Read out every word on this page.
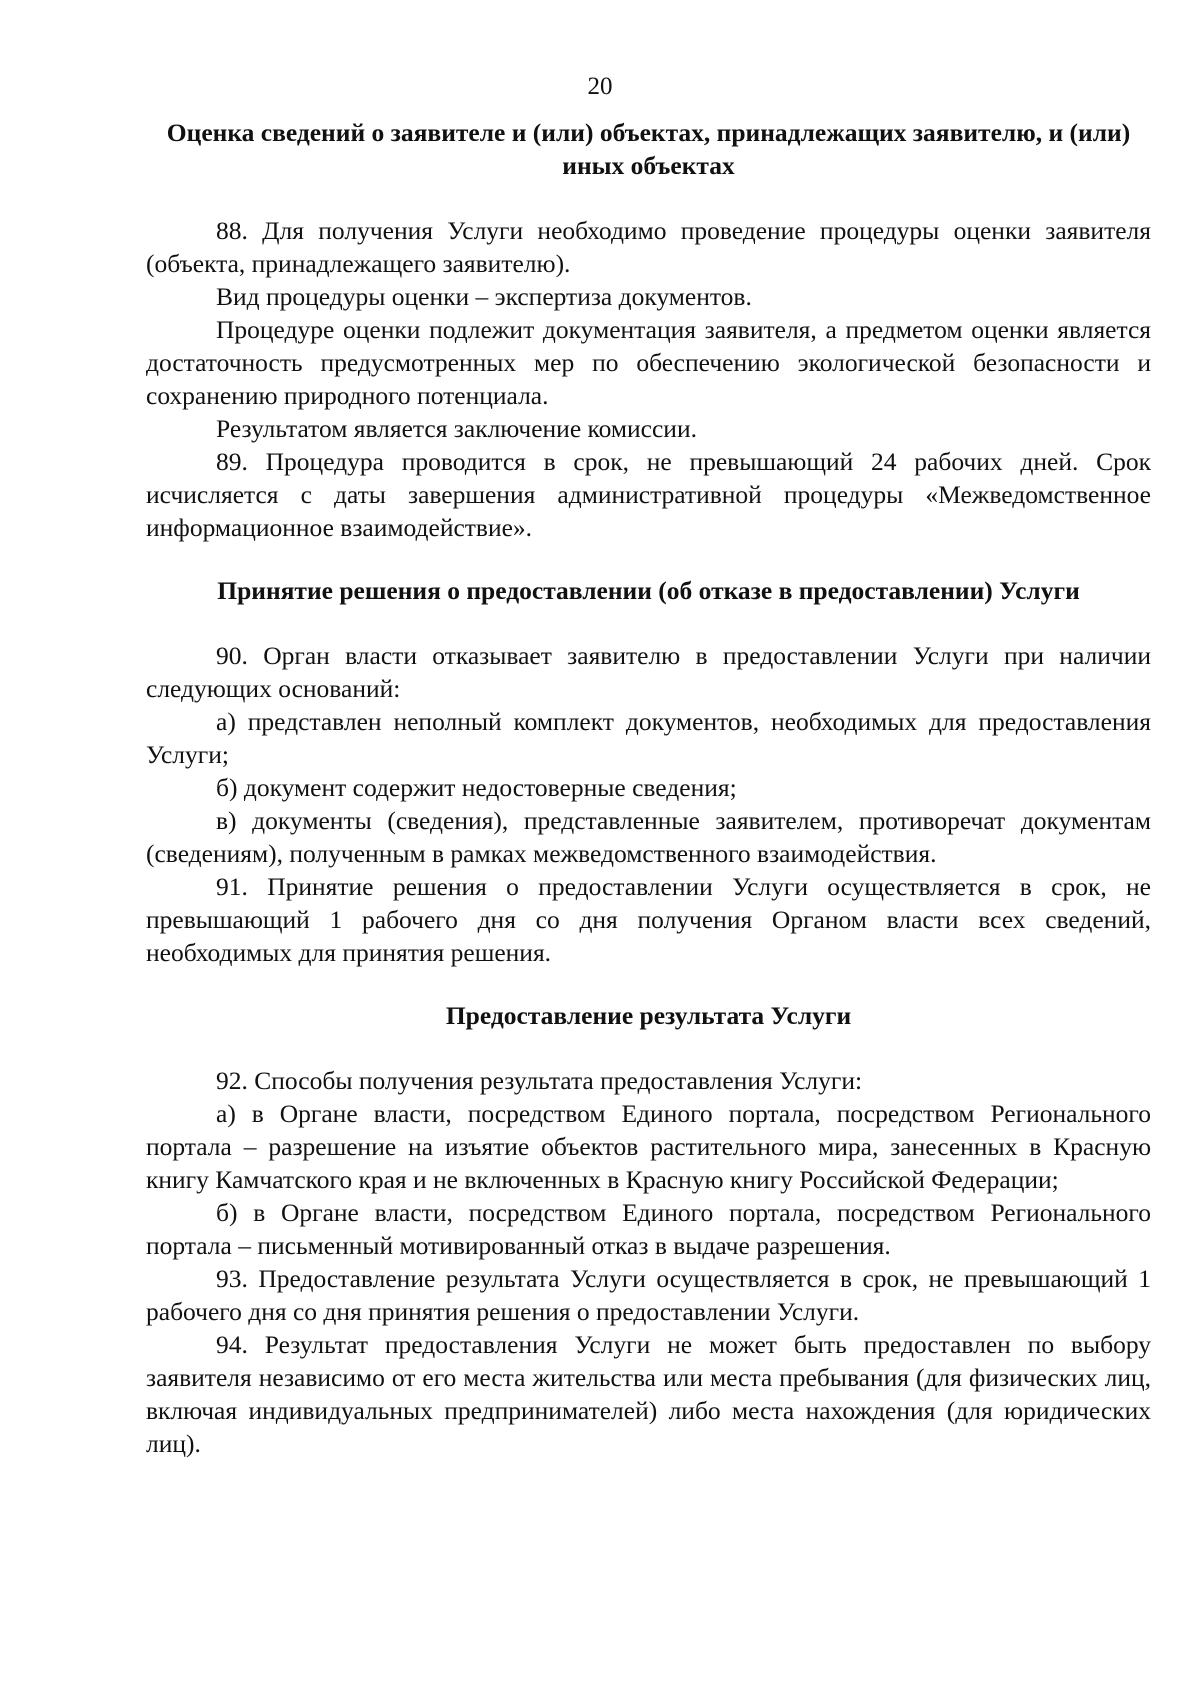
20

Оценка сведений о заявителе и (или) объектах, принадлежащих заявителю, и (или) иных объектах

88. Для получения Услуги необходимо проведение процедуры оценки заявителя (объекта, принадлежащего заявителю).

Вид процедуры оценки – экспертиза документов.

Процедуре оценки подлежит документация заявителя, а предметом оценки является достаточность предусмотренных мер по обеспечению экологической безопасности и сохранению природного потенциала.

Результатом является заключение комиссии.

89. Процедура проводится в срок, не превышающий 24 рабочих дней. Срок исчисляется с даты завершения административной процедуры «Межведомственное информационное взаимодействие».

Принятие решения о предоставлении (об отказе в предоставлении) Услуги

90. Орган власти отказывает заявителю в предоставлении Услуги при наличии следующих оснований:

а) представлен неполный комплект документов, необходимых для предоставления Услуги;

б) документ содержит недостоверные сведения;

в) документы (сведения), представленные заявителем, противоречат документам (сведениям), полученным в рамках межведомственного взаимодействия.

91. Принятие решения о предоставлении Услуги осуществляется в срок, не превышающий 1 рабочего дня со дня получения Органом власти всех сведений, необходимых для принятия решения.

Предоставление результата Услуги

92. Способы получения результата предоставления Услуги:

а) в Органе власти, посредством Единого портала, посредством Регионального портала – разрешение на изъятие объектов растительного мира, занесенных в Красную книгу Камчатского края и не включенных в Красную книгу Российской Федерации;

б) в Органе власти, посредством Единого портала, посредством Регионального портала – письменный мотивированный отказ в выдаче разрешения.

93. Предоставление результата Услуги осуществляется в срок, не превышающий 1 рабочего дня со дня принятия решения о предоставлении Услуги.

94. Результат предоставления Услуги не может быть предоставлен по выбору заявителя независимо от его места жительства или места пребывания (для физических лиц, включая индивидуальных предпринимателей) либо места нахождения (для юридических лиц).
